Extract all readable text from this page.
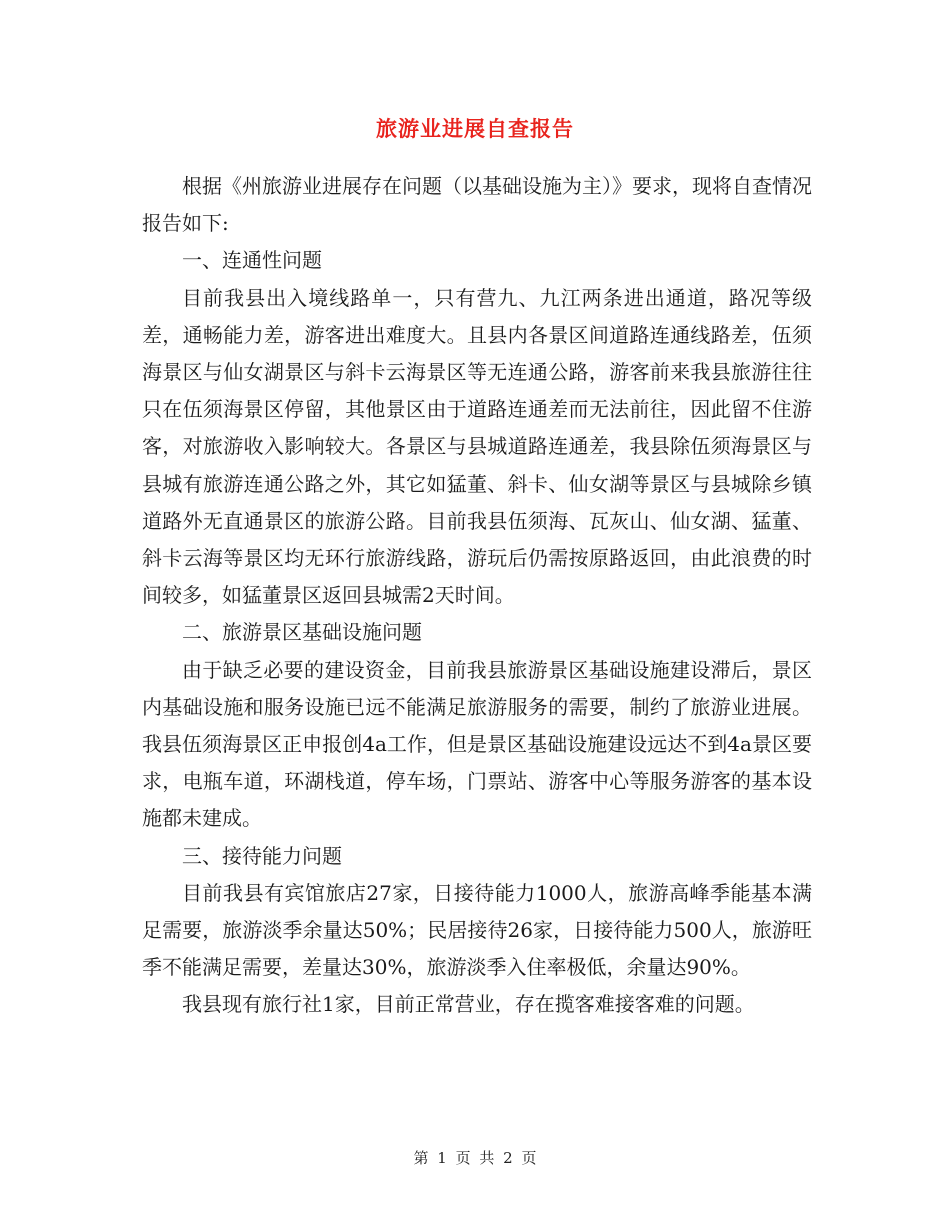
旅游业进展自查报告

根据《州旅游业进展存在问题（以基础设施为主）》要求，现将自查情况报告如下:

一、连通性问题

目前我县出入境线路单一，只有营九、九江两条进出通道，路况等级差，通畅能力差，游客进出难度大。且县内各景区间道路连通线路差，伍须海景区与仙女湖景区与斜卡云海景区等无连通公路，游客前来我县旅游往往只在伍须海景区停留，其他景区由于道路连通差而无法前往，因此留不住游客，对旅游收入影响较大。各景区与县城道路连通差，我县除伍须海景区与县城有旅游连通公路之外，其它如猛董、斜卡、仙女湖等景区与县城除乡镇道路外无直通景区的旅游公路。目前我县伍须海、瓦灰山、仙女湖、猛董、斜卡云海等景区均无环行旅游线路，游玩后仍需按原路返回，由此浪费的时间较多，如猛董景区返回县城需2天时间。

二、旅游景区基础设施问题

由于缺乏必要的建设资金，目前我县旅游景区基础设施建设滞后，景区内基础设施和服务设施已远不能满足旅游服务的需要，制约了旅游业进展。我县伍须海景区正申报创4a工作，但是景区基础设施建设远达不到4a景区要求，电瓶车道，环湖栈道，停车场，门票站、游客中心等服务游客的基本设施都未建成。

三、接待能力问题

目前我县有宾馆旅店27家，日接待能力1000人，旅游高峰季能基本满足需要，旅游淡季余量达50%；民居接待26家，日接待能力500人，旅游旺季不能满足需要，差量达30%，旅游淡季入住率极低，余量达90%。

我县现有旅行社1家，目前正常营业，存在揽客难接客难的问题。

第 1 页 共 2 页
